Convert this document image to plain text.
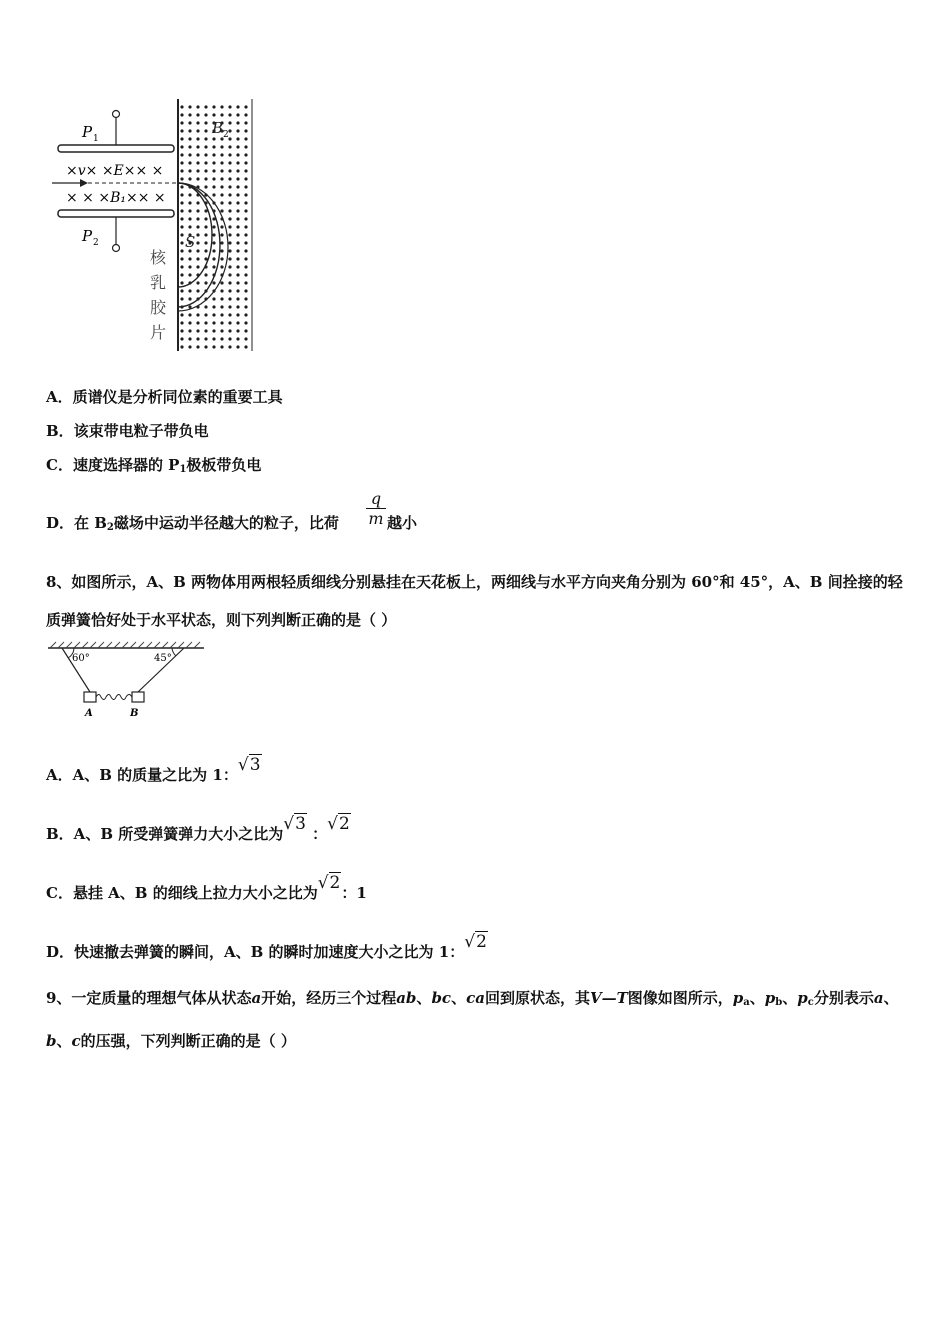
P 1
P 2
B 2
×v× ×E×× ×
× × ×B₁×× ×
S
核
乳
胶
片
A．质谱仪是分析同位素的重要工具
B．该束带电粒子带负电
C．速度选择器的 $P_1$极板带负电
D．在 $B_2$磁场中运动半径越大的粒子，比荷 $\frac{q}{m}$ 越小
8、如图所示，A、B 两物体用两根轻质细线分别悬挂在天花板上，两细线与水平方向夹角分别为 60°和 45°，A、B 间拴接的轻质弹簧恰好处于水平状态，则下列判断正确的是（ ）
60°	45°
A	B
A．A、B 的质量之比为 1：√3
B．A、B 所受弹簧弹力大小之比为√3 ：√2
C．悬挂 A、B 的细线上拉力大小之比为√2：1
D．快速撤去弹簧的瞬间，A、B 的瞬时加速度大小之比为 1：√2
9、一定质量的理想气体从状态a开始，经历三个过程ab、bc、ca回到原状态，其V—T图像如图所示，$p_a$、$p_b$、$p_c$分别表示a、b、c的压强，下列判断正确的是（ ）
